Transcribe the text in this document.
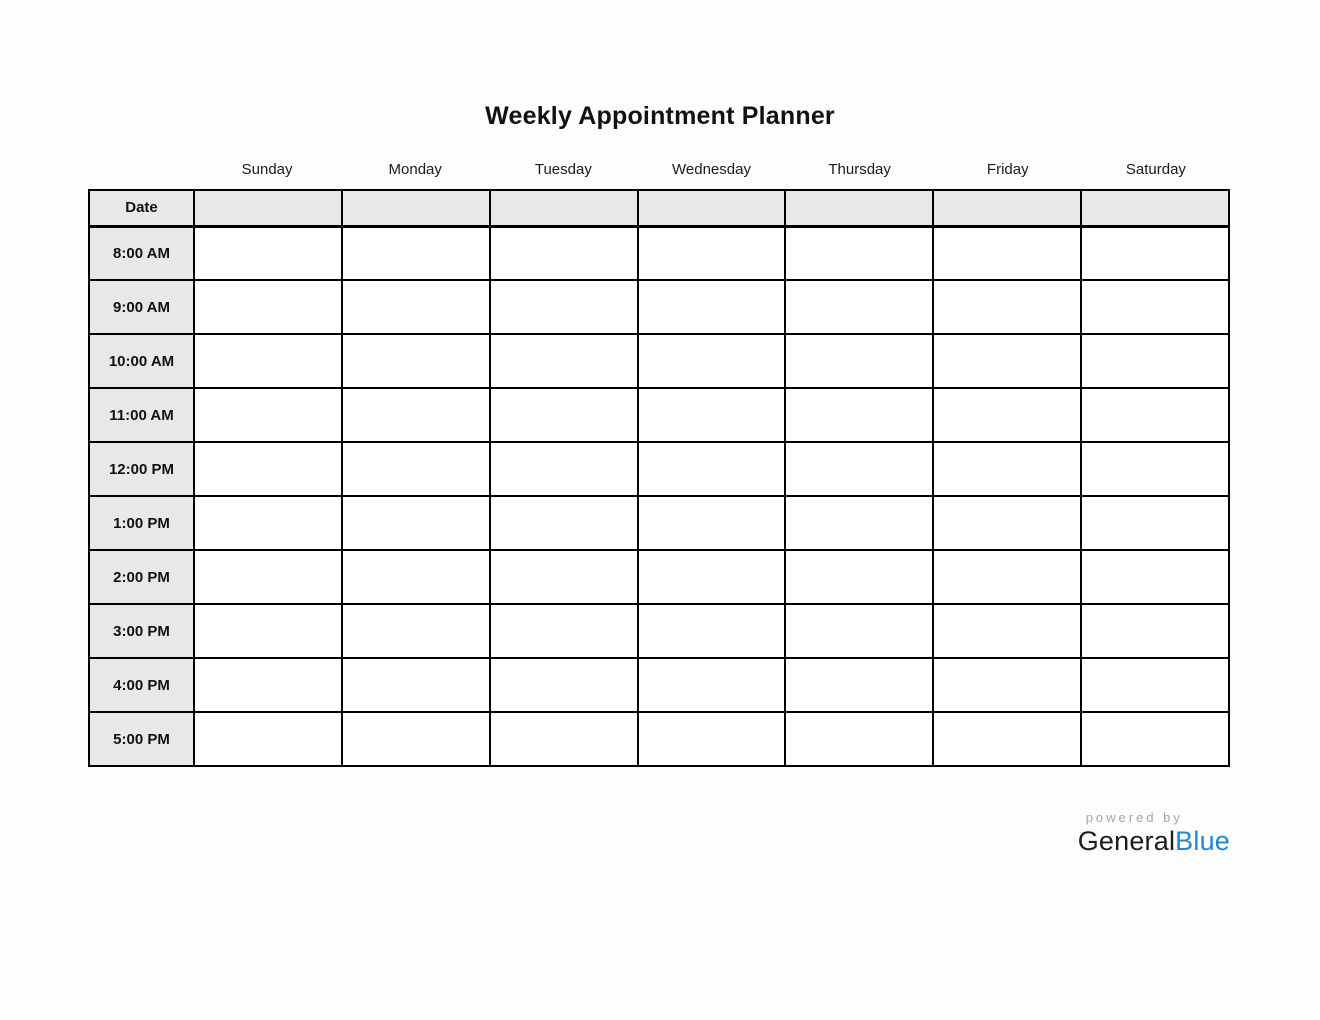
Weekly Appointment Planner
Sunday	Monday	Tuesday	Wednesday	Thursday	Friday	Saturday
Date							
8:00 AM							
9:00 AM							
10:00 AM							
11:00 AM							
12:00 PM							
1:00 PM							
2:00 PM							
3:00 PM							
4:00 PM							
5:00 PM							
powered by
GeneralBlue
